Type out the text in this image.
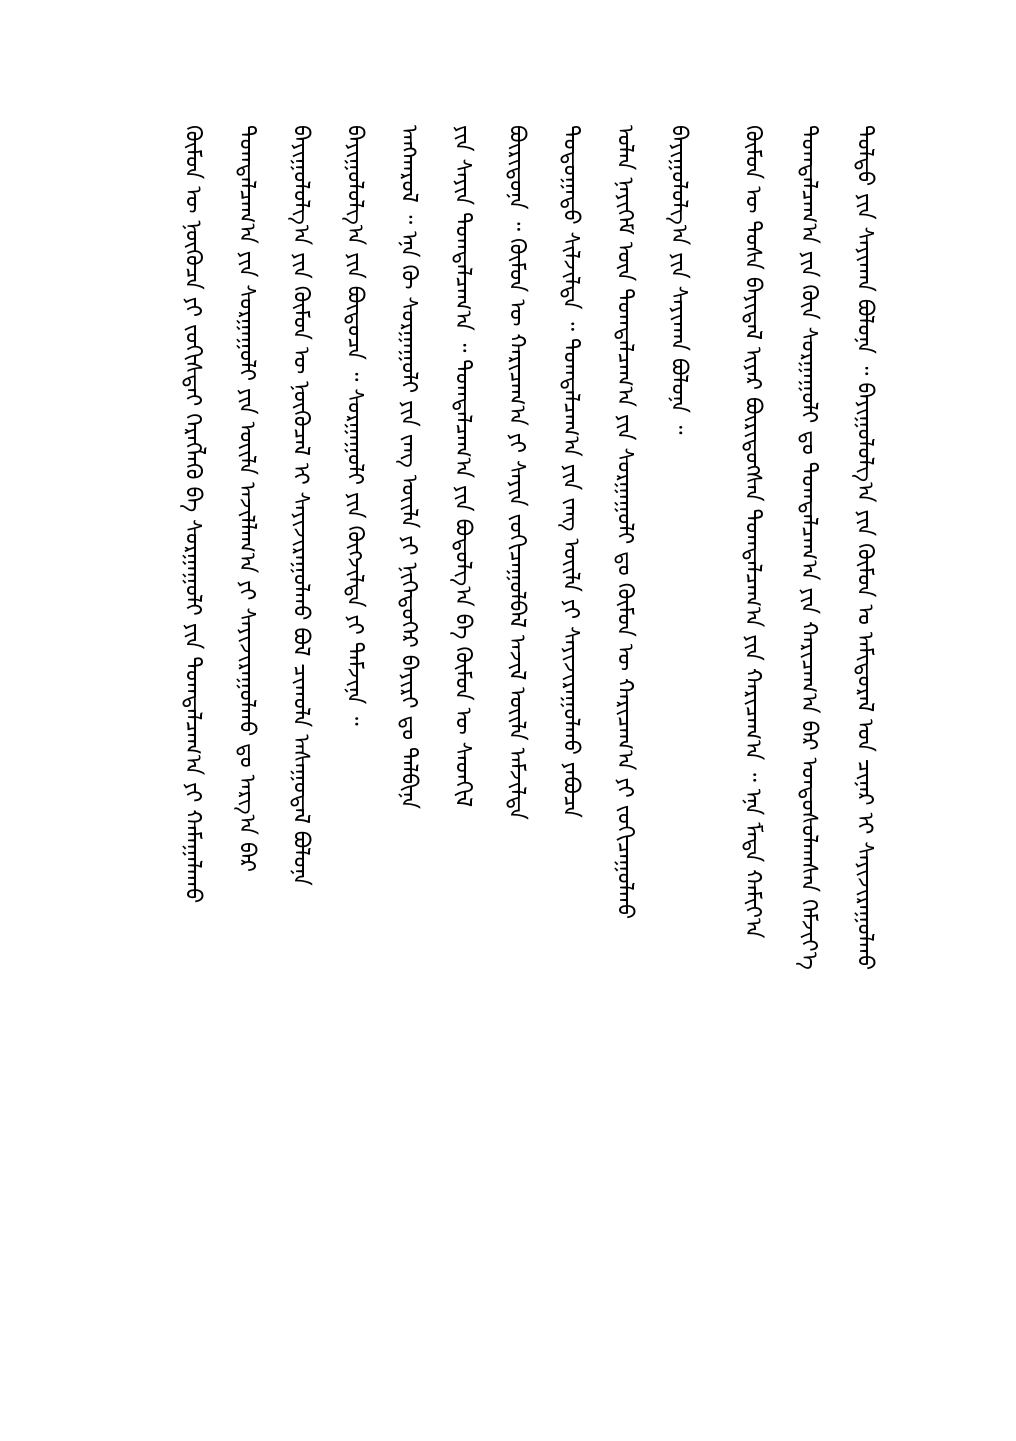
ᠳᠤᠯᠳᠤ ᠶᠢᠨ ᠰᠠᠶᠢᠬᠠᠨ ᠪᠣᠯᠤᠨᠠ ᠃ ᠪᠠᠶᠢᠭᠤᠯᠤᠯᠭ᠎ᠠ ᠶᠢᠨ ᠬᠦᠮᠦᠨ ᠤ ᠠᠮᠢᠳᠤᠷᠠᠯ ᠤᠨ ᠴᠢᠨᠠᠷ ᠢ ᠰᠠᠶᠢᠵᠢᠷᠠᠭᠤᠯᠬᠤ
ᠲᠣᠭᠲᠠᠯᠴᠠᠭ᠎ᠠ ᠶᠢᠨ ᠬᠦᠨ ᠰᠤᠷᠭᠠᠭᠤᠯᠢ ᠳᠤ ᠲᠣᠭᠲᠠᠯᠴᠠᠭ᠎ᠠ ᠶᠢᠨ ᠬᠠᠷᠢᠴᠠᠭ᠎ᠠ ᠪᠠᠷ ᠤᠨᠳᠤᠰᠤᠯᠠᠭᠰᠠᠨ ᠬᠡᠮᠵᠢᠶ᠎ᠡ
ᠬᠦᠮᠦᠨ ᠦ ᠲᠤᠰᠠ ᠪᠠᠶᠢᠳᠠᠯ ᠢᠶᠠᠷ ᠪᠦᠷᠢᠳᠦᠭᠰᠡᠨ ᠲᠣᠭᠲᠠᠯᠴᠠᠭ᠎ᠠ ᠶᠢᠨ ᠬᠠᠷᠢᠴᠠᠭ᠎ᠠ ᠃ ᠡᠨᠡ ᠮᠡᠳᠡ ᠬᠠᠮᠢᠶ᠎ᠠ
ᠪᠠᠶᠢᠭᠤᠯᠤᠯᠭ᠎ᠠ ᠶᠢᠨ ᠰᠠᠶᠢᠬᠠᠨ ᠪᠣᠯᠤᠨᠠ ᠃
ᠣᠯᠠᠨ ᠨᠡᠶᠢᠭᠡᠮ ᠦᠨ ᠲᠣᠭᠲᠠᠯᠴᠠᠭ᠎ᠠ ᠶᠢᠨ ᠰᠤᠷᠭᠠᠭᠤᠯᠢ ᠳᠤ ᠬᠦᠮᠦᠨ ᠦ ᠬᠠᠷᠢᠴᠠᠭ᠎ᠠ ᠶᠢ ᠵᠣᠬᠢᠴᠠᠭᠤᠯᠬᠤ
ᠳᠣᠲᠣᠭᠠᠳᠤ ᠰᠢᠯᠵᠢᠯᠲᠡ ᠃ ᠲᠣᠭᠲᠠᠯᠴᠠᠭ᠎ᠠ ᠶᠢᠨ ᠵᠠᠩ ᠦᠢᠯᠡ ᠶᠢ ᠰᠠᠶᠢᠵᠢᠷᠠᠭᠤᠯᠬᠤ ᠶᠠᠪᠤᠴᠠ
ᠪᠦᠷᠢᠳᠦᠨᠡ ᠃ ᠬᠦᠮᠦᠨ ᠦ ᠬᠠᠷᠢᠴᠠᠭ᠎ᠠ ᠶᠢ ᠰᠠᠶᠢᠨ ᠵᠣᠬᠢᠴᠠᠭᠤᠯᠪᠠᠯ ᠠᠵᠢᠯ ᠦᠢᠯᠡ ᠠᠮᠵᠢᠯᠲᠠ
ᠶᠢᠨ ᠰᠠᠶᠢᠨ ᠲᠣᠭᠲᠠᠯᠴᠠᠭ᠎ᠠ ᠃ ᠲᠣᠭᠲᠠᠯᠴᠠᠭ᠎ᠠ ᠶᠢᠨ ᠪᠣᠳᠣᠯᠭ᠎ᠠ ᠪᠠ ᠬᠦᠮᠦᠨ ᠦ ᠰᠡᠳᠬᠢᠯ
ᠠᠩᠬᠠᠷᠤᠯ ᠃ ᠡᠨᠡ ᠬᠦ ᠰᠤᠷᠭᠠᠭᠤᠯᠢ ᠶᠢᠨ ᠵᠠᠩ ᠦᠢᠯᠡ ᠶᠢ ᠨᠢᠭᠡᠳᠦᠭᠡᠷ ᠪᠠᠶᠢᠷᠢ ᠳᠤ ᠲᠠᠯᠪᠢᠨᠠ
ᠪᠠᠶᠢᠭᠤᠯᠤᠯᠭ᠎ᠠ ᠶᠢᠨ ᠪᠦᠲᠦᠴᠡ ᠃ ᠰᠤᠷᠭᠠᠭᠤᠯᠢ ᠶᠢᠨ ᠬᠥᠭᠵᠢᠯᠲᠡ ᠶᠢ ᠳᠡᠮᠵᠢᠨᠡ ᠃
ᠪᠠᠶᠢᠭᠤᠯᠤᠯᠭ᠎ᠠ ᠶᠢᠨ ᠬᠦᠮᠦᠨ ᠦ ᠨᠥᠬᠦᠴᠡᠯ ᠢ ᠰᠠᠶᠢᠵᠢᠷᠠᠭᠤᠯᠬᠤ ᠪᠣᠯ ᠴᠢᠬᠤᠯᠠ ᠠᠰᠠᠭᠤᠳᠠᠯ ᠪᠣᠯᠤᠨᠠ
ᠲᠣᠭᠲᠠᠯᠴᠠᠭ᠎ᠠ ᠶᠢᠨ ᠰᠤᠷᠭᠠᠭᠤᠯᠢ ᠶᠢᠨ ᠦᠢᠯᠡ ᠠᠵᠢᠯᠯᠠᠭ᠎ᠠ ᠶᠢ ᠰᠠᠶᠢᠵᠢᠷᠠᠭᠤᠯᠬᠤ ᠳᠤ ᠠᠷᠭ᠎ᠠ ᠪᠠᠷ
ᠬᠦᠮᠦᠨ ᠦ ᠨᠥᠭᠦᠴᠡ ᠶᠢ ᠵᠣᠬᠢᠰᠲᠠᠢ ᠬᠡᠷᠡᠭᠯᠡᠬᠦ ᠪᠠ ᠰᠤᠷᠭᠠᠭᠤᠯᠢ ᠶᠢᠨ ᠲᠣᠭᠲᠠᠯᠴᠠᠭ᠎ᠠ ᠶᠢ ᠬᠠᠮᠠᠭᠠᠯᠠᠬᠤ
